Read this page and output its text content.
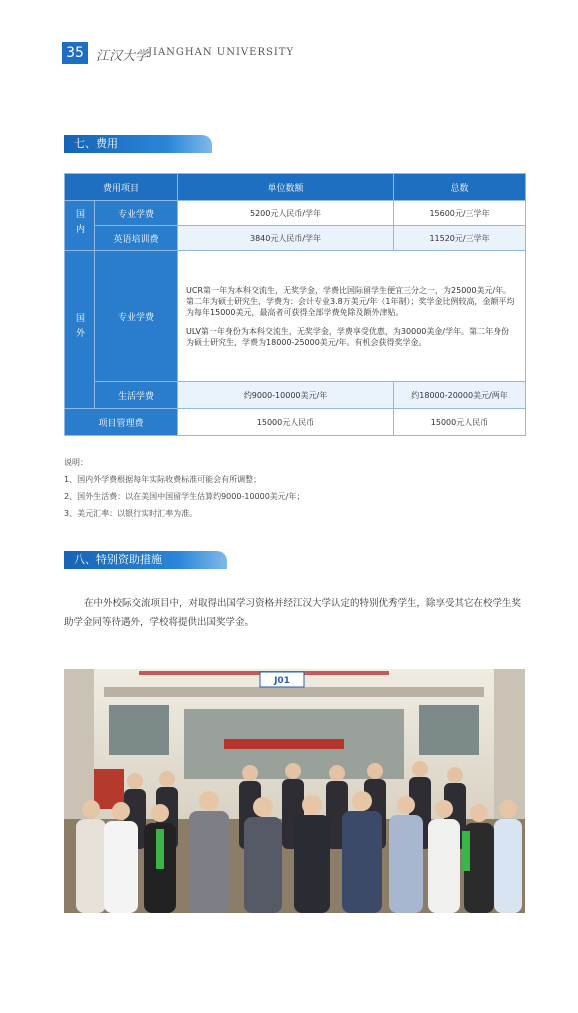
35 江汉大学 JIANGHAN UNIVERSITY
七、费用
费用项目		单位数额	总数
国内	专业学费	5200元人民币/学年	15600元/三学年
	英语培训费	3840元人民币/学年	11520元/三学年
国外	专业学费	UCR第一年为本科交流生，无奖学金，学费比国际留学生便宜三分之一，为25000美元/年。第二年为硕士研究生，学费为：会计专业3.8万美元/年（1年制）；奖学金比例较高，金额平均为每年15000美元，最高者可获得全部学费免除及额外津贴。

ULV第一年身份为本科交流生，无奖学金，学费享受优惠，为30000美金/学年。第二年身份为硕士研究生，学费为18000-25000美元/年。有机会获得奖学金。	

	生活学费	约9000-10000美元/年	约18000-20000美元/两年
项目管理费		15000元人民币	15000元人民币
说明：
1、国内外学费根据每年实际收费标准可能会有所调整；
2、国外生活费：以在美国中国留学生估算约9000-10000美元/年；
3、美元汇率：以银行实时汇率为准。
八、特别资助措施

在中外校际交流项目中，对取得出国学习资格并经江汉大学认定的特别优秀学生，除享受其它在校学生奖助学金同等待遇外，学校将提供出国奖学金。

J01
